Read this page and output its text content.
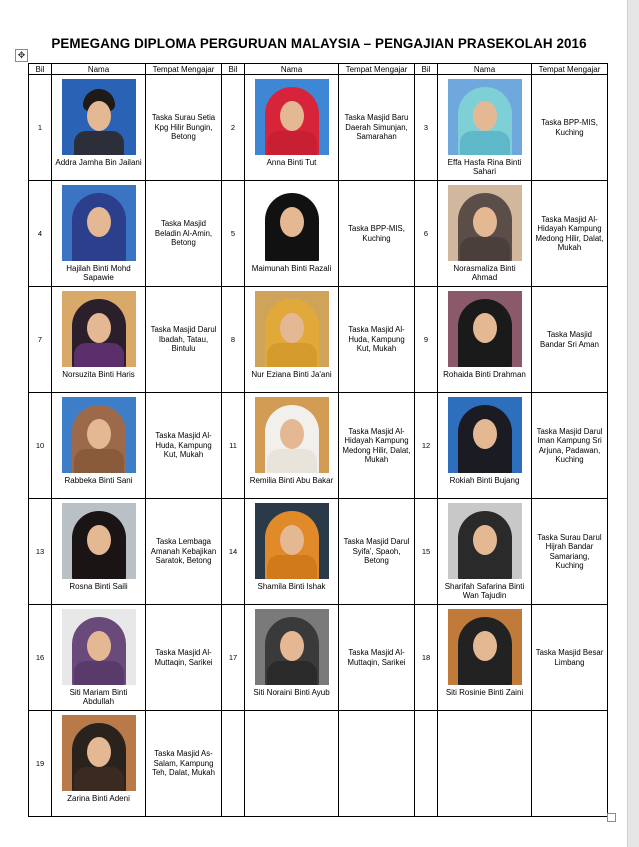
✥
PEMEGANG DIPLOMA PERGURUAN MALAYSIA – PENGAJIAN PRASEKOLAH 2016
Bil	Nama	Tempat Mengajar	Bil	Nama	Tempat Mengajar	Bil	Nama	Tempat Mengajar
1	Addra Jamha Bin Jailani	Taska Surau Setia Kpg Hilir Bungin, Betong	2	Anna Binti Tut	Taska Masjid Baru Daerah Simunjan, Samarahan	3	Effa Hasfa Rina Binti Sahari	Taska BPP-MIS, Kuching
4	Hajilah Binti Mohd Sapawie	Taska Masjid Beladin Al-Amin, Betong	5	Maimunah Binti Razali	Taska BPP-MIS, Kuching	6	Norasmaliza Binti Ahmad	Taska Masjid Al-Hidayah Kampung Medong Hilir, Dalat, Mukah
7	Norsuzita Binti Haris	Taska Masjid Darul Ibadah, Tatau, Bintulu	8	Nur Eziana Binti Ja'ani	Taska Masjid Al-Huda, Kampung Kut, Mukah	9	Rohaida Binti Drahman	Taska Masjid Bandar Sri Aman
10	Rabbeka Binti Sani	Taska Masjid Al-Huda, Kampung Kut, Mukah	11	Remilia Binti Abu Bakar	Taska Masjid Al-Hidayah Kampung Medong Hilir, Dalat, Mukah	12	Rokiah Binti Bujang	Taska Masjid Darul Iman Kampung Sri Arjuna, Padawan, Kuching
13	Rosna Binti Saili	Taska Lembaga Amanah Kebajikan Saratok, Betong	14	Shamila Binti Ishak	Taska Masjid Darul Syifa', Spaoh, Betong	15	Sharifah Safarina Binti Wan Tajudin	Taska Surau Darul Hijrah Bandar Samariang, Kuching
16	Siti Mariam Binti Abdullah	Taska Masjid Al-Muttaqin, Sarikei	17	Siti Noraini Binti Ayub	Taska Masjid Al-Muttaqin, Sarikei	18	Siti Rosinie Binti Zaini	Taska Masjid Besar Limbang
19	Zarina Binti Adeni	Taska Masjid As-Salam, Kampung Teh, Dalat, Mukah						
